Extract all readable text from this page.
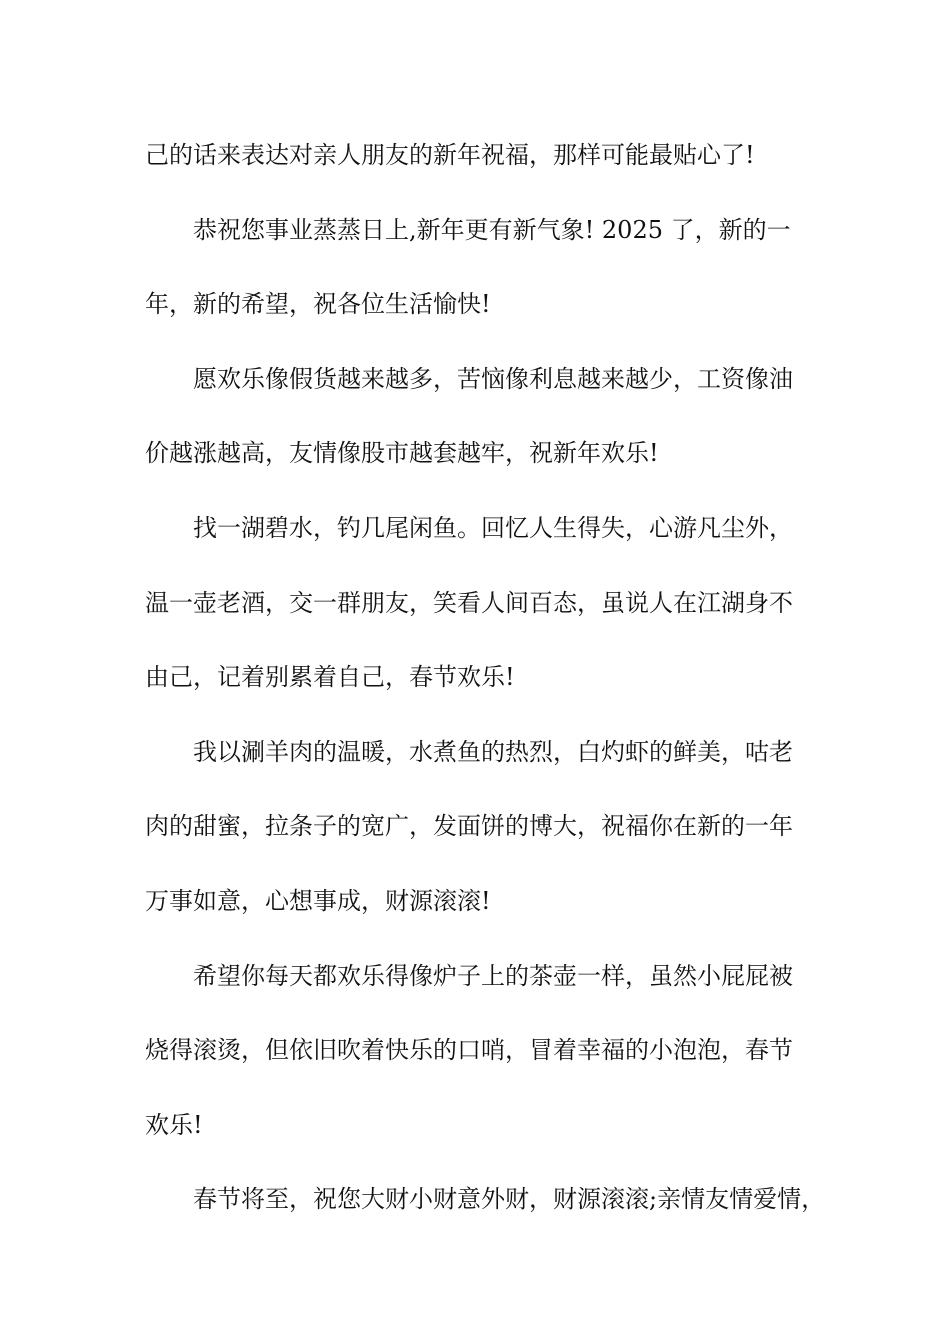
己的话来表达对亲人朋友的新年祝福，那样可能最贴心了!
恭祝您事业蒸蒸日上,新年更有新气象! 2025 了，新的一
年，新的希望，祝各位生活愉快!
愿欢乐像假货越来越多，苦恼像利息越来越少，工资像油
价越涨越高，友情像股市越套越牢，祝新年欢乐!
找一湖碧水，钓几尾闲鱼。回忆人生得失，心游凡尘外，
温一壶老酒，交一群朋友，笑看人间百态，虽说人在江湖身不
由己，记着别累着自己，春节欢乐!
我以涮羊肉的温暖，水煮鱼的热烈，白灼虾的鲜美，咕老
肉的甜蜜，拉条子的宽广，发面饼的博大，祝福你在新的一年
万事如意，心想事成，财源滚滚!
希望你每天都欢乐得像炉子上的茶壶一样，虽然小屁屁被
烧得滚烫，但依旧吹着快乐的口哨，冒着幸福的小泡泡，春节
欢乐!
春节将至，祝您大财小财意外财，财源滚滚;亲情友情爱情，
